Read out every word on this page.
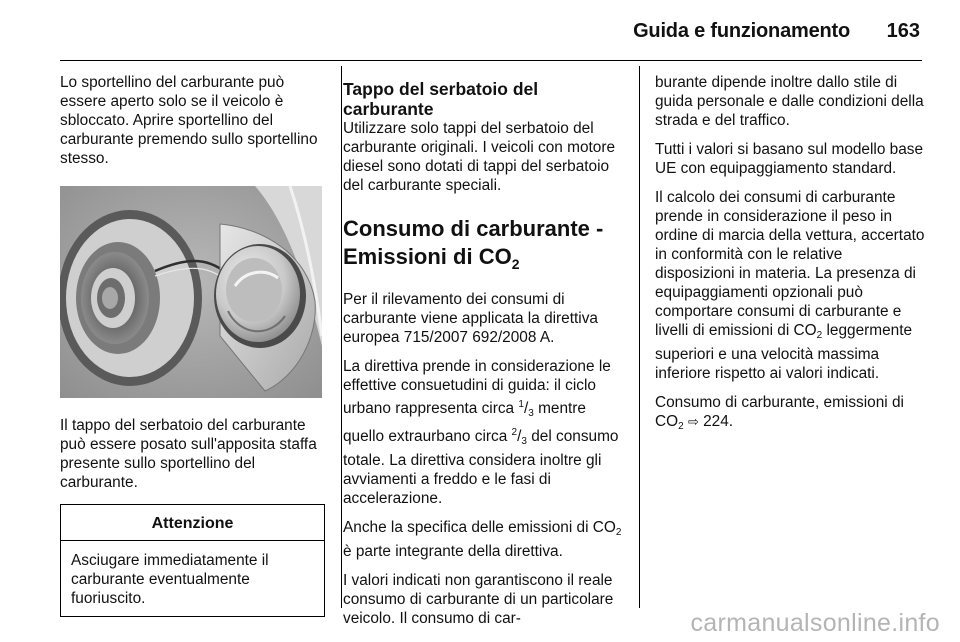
Guida e funzionamento 163

Lo sportellino del carburante può essere aperto solo se il veicolo è sbloccato. Aprire sportellino del carburante premendo sullo sportellino stesso.

Il tappo del serbatoio del carburante può essere posato sull'apposita staffa presente sullo sportellino del carburante.

Attenzione
Asciugare immediatamente il carburante eventualmente fuoriuscito.
Tappo del serbatoio del carburante

Utilizzare solo tappi del serbatoio del carburante originali. I veicoli con motore diesel sono dotati di tappi del serbatoio del carburante speciali.

Consumo di carburante - Emissioni di $CO_2$

Per il rilevamento dei consumi di carburante viene applicata la direttiva europea 715/2007 692/2008 A.

La direttiva prende in considerazione le effettive consuetudini di guida: il ciclo urbano rappresenta circa $^1/_3$ mentre quello extraurbano circa $^2/_3$ del consumo totale. La direttiva considera inoltre gli avviamenti a freddo e le fasi di accelerazione.

Anche la specifica delle emissioni di $CO_2$ è parte integrante della direttiva.

I valori indicati non garantiscono il reale consumo di carburante di un particolare veicolo. Il consumo di car-

burante dipende inoltre dallo stile di guida personale e dalle condizioni della strada e del traffico.

Tutti i valori si basano sul modello base UE con equipaggiamento standard.

Il calcolo dei consumi di carburante prende in considerazione il peso in ordine di marcia della vettura, accertato in conformità con le relative disposizioni in materia. La presenza di equipaggiamenti opzionali può comportare consumi di carburante e livelli di emissioni di $CO_2$ leggermente superiori e una velocità massima inferiore rispetto ai valori indicati.

Consumo di carburante, emissioni di $CO_2$ ⇨ 224.

carmanualsonline.info
